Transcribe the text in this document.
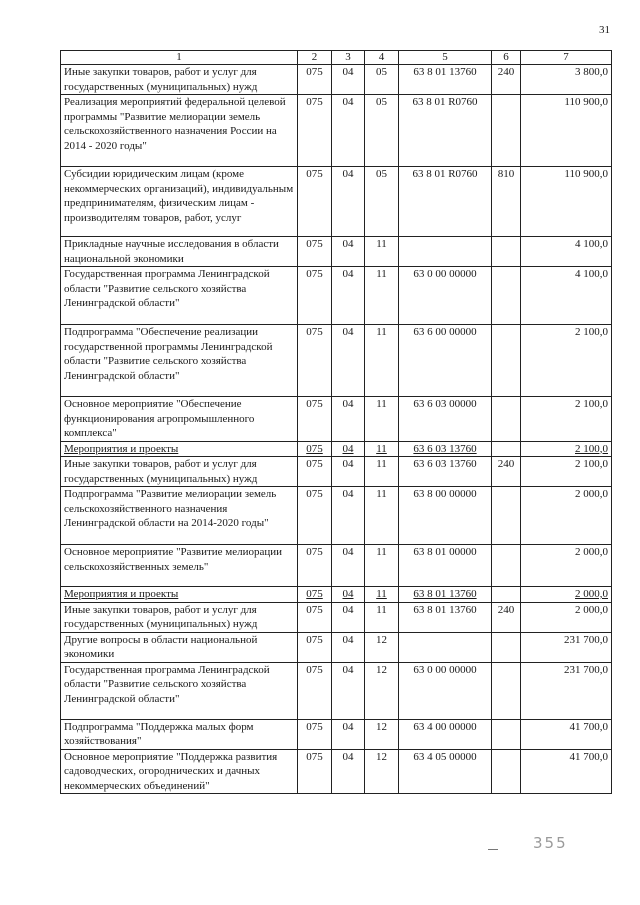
31
1	2	3	4	5	6	7
Иные закупки товаров, работ и услуг для государственных (муниципальных) нужд	075	04	05	63 8 01 13760	240	3 800,0
Реализация мероприятий федеральной целевой программы "Развитие мелиорации земель сельскохозяйственного назначения России на 2014 - 2020 годы"	075	04	05	63 8 01 R0760		110 900,0
Субсидии юридическим лицам (кроме некоммерческих организаций), индивидуальным предпринимателям, физическим лицам - производителям товаров, работ, услуг	075	04	05	63 8 01 R0760	810	110 900,0
Прикладные научные исследования в области национальной экономики	075	04	11			4 100,0
Государственная программа Ленинградской области "Развитие сельского хозяйства Ленинградской области"	075	04	11	63 0 00 00000		4 100,0
Подпрограмма "Обеспечение реализации государственной программы Ленинградской области "Развитие сельского хозяйства Ленинградской области"	075	04	11	63 6 00 00000		2 100,0
Основное мероприятие "Обеспечение функционирования агропромышленного комплекса"	075	04	11	63 6 03 00000		2 100,0
Мероприятия и проекты	075	04	11	63 6 03 13760		2 100,0
Иные закупки товаров, работ и услуг для государственных (муниципальных) нужд	075	04	11	63 6 03 13760	240	2 100,0
Подпрограмма "Развитие мелиорации земель сельскохозяйственного назначения Ленинградской области на 2014-2020 годы"	075	04	11	63 8 00 00000		2 000,0
Основное мероприятие "Развитие мелиорации сельскохозяйственных земель"	075	04	11	63 8 01 00000		2 000,0
Мероприятия и проекты	075	04	11	63 8 01 13760		2 000,0
Иные закупки товаров, работ и услуг для государственных (муниципальных) нужд	075	04	11	63 8 01 13760	240	2 000,0
Другие вопросы в области национальной экономики	075	04	12			231 700,0
Государственная программа Ленинградской области "Развитие сельского хозяйства Ленинградской области"	075	04	12	63 0 00 00000		231 700,0
Подпрограмма "Поддержка малых форм хозяйствования"	075	04	12	63 4 00 00000		41 700,0
Основное мероприятие "Поддержка развития садоводческих, огороднических и дачных некоммерческих объединений"	075	04	12	63 4 05 00000		41 700,0
355
